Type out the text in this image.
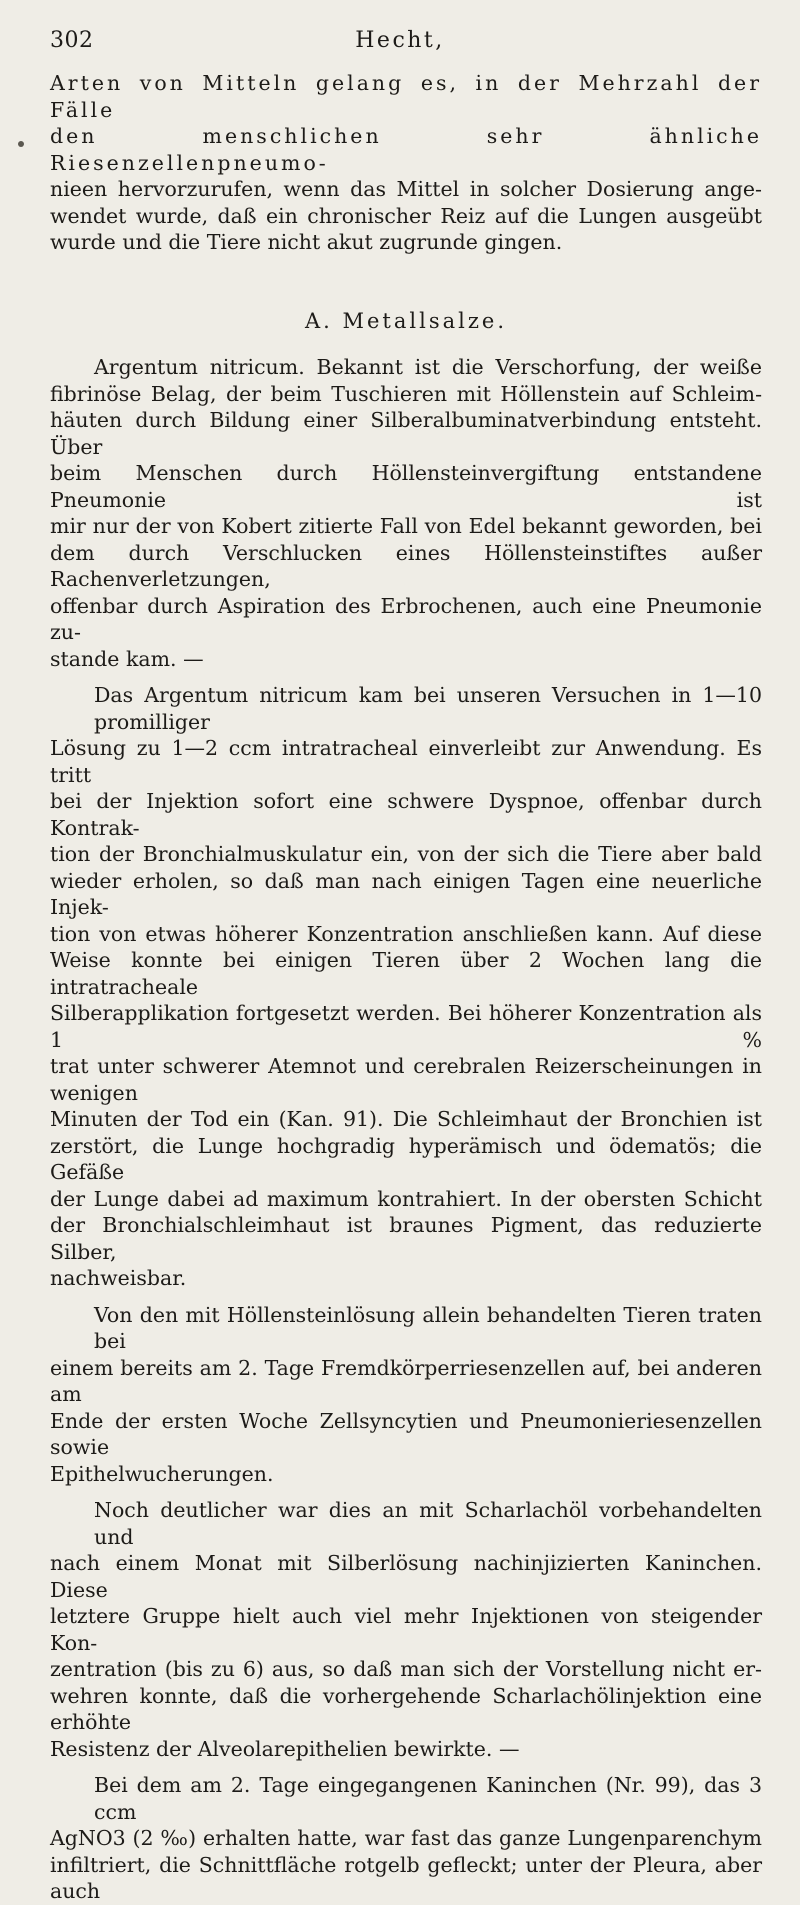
302	Hecht,

Arten von Mitteln gelang es, in der Mehrzahl der Fälle
den menschlichen sehr ähnliche Riesenzellenpneumo-
nieen hervorzurufen, wenn das Mittel in solcher Dosierung ange-
wendet wurde, daß ein chronischer Reiz auf die Lungen ausgeübt
wurde und die Tiere nicht akut zugrunde gingen.

A. Metallsalze.

Argentum nitricum. Bekannt ist die Verschorfung, der weiße

fibrinöse Belag, der beim Tuschieren mit Höllenstein auf Schleim-
häuten durch Bildung einer Silberalbuminatverbindung entsteht. Über
beim Menschen durch Höllensteinvergiftung entstandene Pneumonie ist
mir nur der von Kobert zitierte Fall von Edel bekannt geworden, bei
dem durch Verschlucken eines Höllensteinstiftes außer Rachenverletzungen,
offenbar durch Aspiration des Erbrochenen, auch eine Pneumonie zu-
stande kam. —

Das Argentum nitricum kam bei unseren Versuchen in 1—10 promilliger

Lösung zu 1—2 ccm intratracheal einverleibt zur Anwendung. Es tritt
bei der Injektion sofort eine schwere Dyspnoe, offenbar durch Kontrak-
tion der Bronchialmuskulatur ein, von der sich die Tiere aber bald
wieder erholen, so daß man nach einigen Tagen eine neuerliche Injek-
tion von etwas höherer Konzentration anschließen kann. Auf diese
Weise konnte bei einigen Tieren über 2 Wochen lang die intratracheale
Silberapplikation fortgesetzt werden. Bei höherer Konzentration als 1 %
trat unter schwerer Atemnot und cerebralen Reizerscheinungen in wenigen
Minuten der Tod ein (Kan. 91). Die Schleimhaut der Bronchien ist
zerstört, die Lunge hochgradig hyperämisch und ödematös; die Gefäße
der Lunge dabei ad maximum kontrahiert. In der obersten Schicht
der Bronchialschleimhaut ist braunes Pigment, das reduzierte Silber,
nachweisbar.

Von den mit Höllensteinlösung allein behandelten Tieren traten bei

einem bereits am 2. Tage Fremdkörperriesenzellen auf, bei anderen am
Ende der ersten Woche Zellsyncytien und Pneumonieriesenzellen sowie
Epithelwucherungen.

Noch deutlicher war dies an mit Scharlachöl vorbehandelten und

nach einem Monat mit Silberlösung nachinjizierten Kaninchen. Diese
letztere Gruppe hielt auch viel mehr Injektionen von steigender Kon-
zentration (bis zu 6) aus, so daß man sich der Vorstellung nicht er-
wehren konnte, daß die vorhergehende Scharlachölinjektion eine erhöhte
Resistenz der Alveolarepithelien bewirkte. —

Bei dem am 2. Tage eingegangenen Kaninchen (Nr. 99), das 3 ccm

AgNO3 (2 ‰) erhalten hatte, war fast das ganze Lungenparenchym
infiltriert, die Schnittfläche rotgelb gefleckt; unter der Pleura, aber auch
